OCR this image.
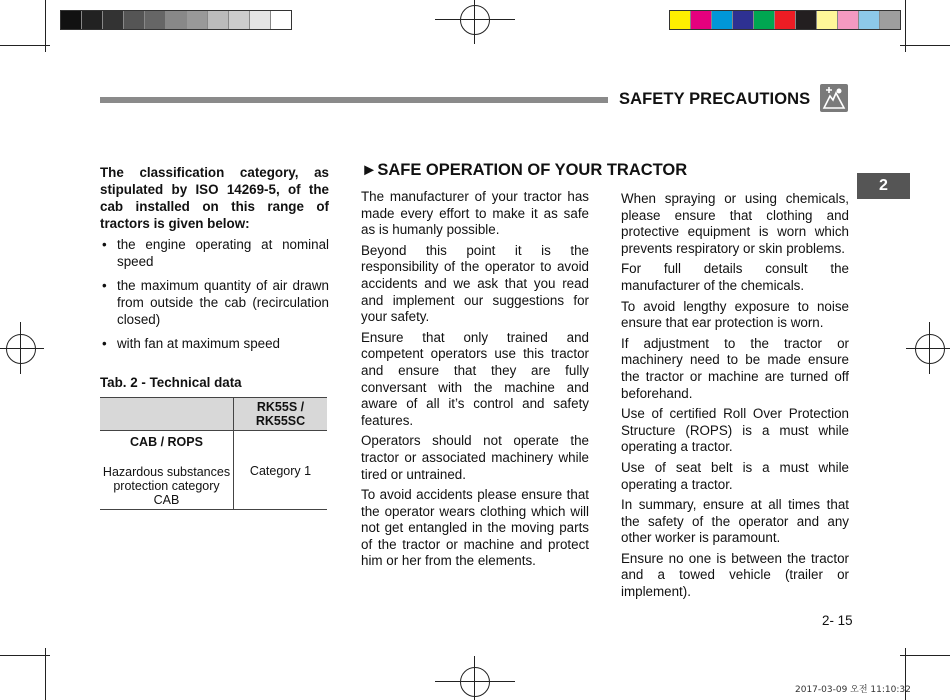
SAFETY PRECAUTIONS
2
The classification category, as stipulated by ISO 14269-5, of the cab installed on this range of tractors is given below:
• the engine operating at nominal speed
• the maximum quantity of air drawn from outside the cab (recirculation closed)
• with fan at maximum speed
Tab. 2 - Technical data
RK55S / RK55SC
CAB / ROPS
Hazardous substances protection category CAB
Category 1
►SAFE OPERATION OF YOUR TRACTOR

The manufacturer of your tractor has made every effort to make it as safe as is humanly possible.

Beyond this point it is the responsibility of the operator to avoid accidents and we ask that you read and implement our suggestions for your safety.

Ensure that only trained and competent operators use this tractor and ensure that they are fully conversant with the machine and aware of all it’s control and safety features.

Operators should not operate the tractor or associated machinery while tired or untrained.

To avoid accidents please ensure that the operator wears clothing which will not get entangled in the moving parts of the tractor or machine and protect him or her from the elements.

When spraying or using chemicals, please ensure that clothing and protective equipment is worn which prevents respiratory or skin problems.

For full details consult the manufacturer of the chemicals.

To avoid lengthy exposure to noise ensure that ear protection is worn.

If adjustment to the tractor or machinery need to be made ensure the tractor or machine are turned off beforehand.

Use of certified Roll Over Protection Structure (ROPS) is a must while operating a tractor.

Use of seat belt is a must while operating a tractor.

In summary, ensure at all times that the safety of the operator and any other worker is paramount.

Ensure no one is between the tractor and a towed vehicle (trailer or implement).

2- 15
2017-03-09 오전 11:10:32
